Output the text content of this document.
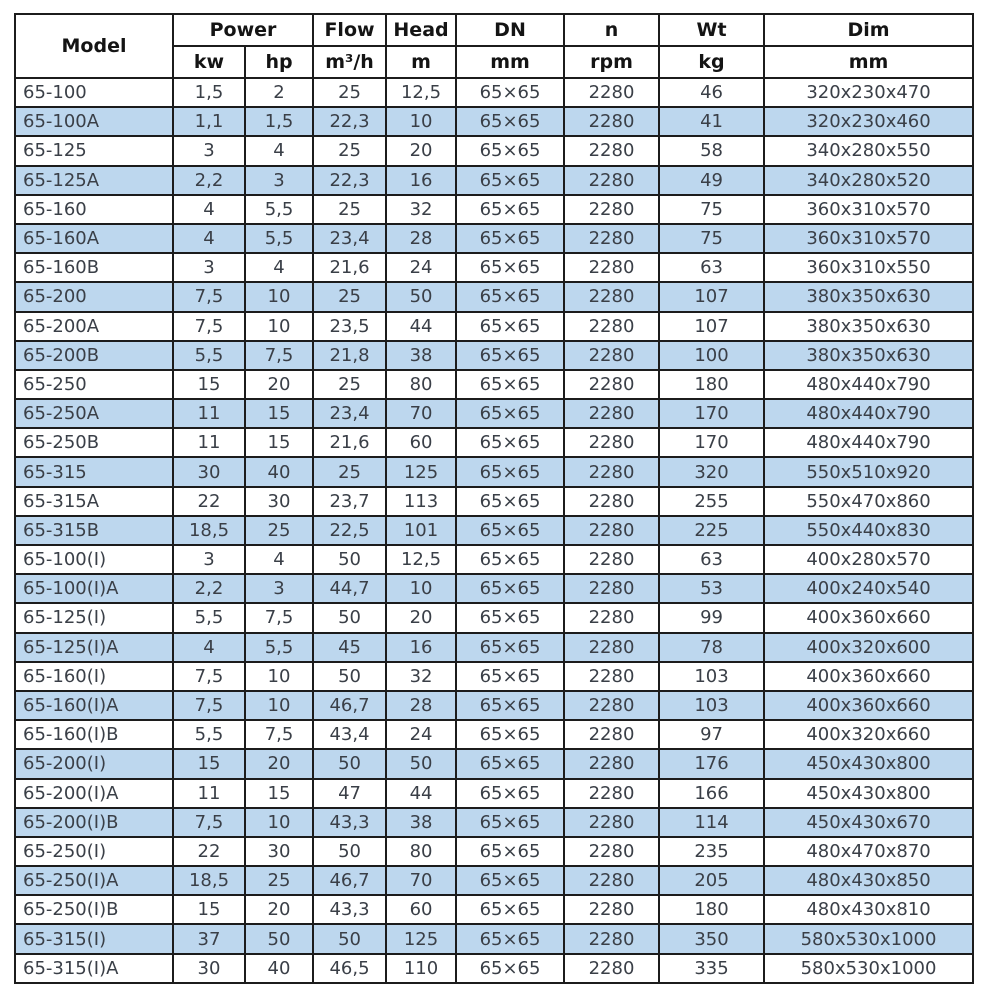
Model	Power		Flow	Head	DN	n	Wt	Dim
	kw	hp	m³/h	m	mm	rpm	kg	mm
65-100	1,5	2	25	12,5	65×65	2280	46	320x230x470
65-100A	1,1	1,5	22,3	10	65×65	2280	41	320x230x460
65-125	3	4	25	20	65×65	2280	58	340x280x550
65-125A	2,2	3	22,3	16	65×65	2280	49	340x280x520
65-160	4	5,5	25	32	65×65	2280	75	360x310x570
65-160A	4	5,5	23,4	28	65×65	2280	75	360x310x570
65-160B	3	4	21,6	24	65×65	2280	63	360x310x550
65-200	7,5	10	25	50	65×65	2280	107	380x350x630
65-200A	7,5	10	23,5	44	65×65	2280	107	380x350x630
65-200B	5,5	7,5	21,8	38	65×65	2280	100	380x350x630
65-250	15	20	25	80	65×65	2280	180	480x440x790
65-250A	11	15	23,4	70	65×65	2280	170	480x440x790
65-250B	11	15	21,6	60	65×65	2280	170	480x440x790
65-315	30	40	25	125	65×65	2280	320	550x510x920
65-315A	22	30	23,7	113	65×65	2280	255	550x470x860
65-315B	18,5	25	22,5	101	65×65	2280	225	550x440x830
65-100(I)	3	4	50	12,5	65×65	2280	63	400x280x570
65-100(I)A	2,2	3	44,7	10	65×65	2280	53	400x240x540
65-125(I)	5,5	7,5	50	20	65×65	2280	99	400x360x660
65-125(I)A	4	5,5	45	16	65×65	2280	78	400x320x600
65-160(I)	7,5	10	50	32	65×65	2280	103	400x360x660
65-160(I)A	7,5	10	46,7	28	65×65	2280	103	400x360x660
65-160(I)B	5,5	7,5	43,4	24	65×65	2280	97	400x320x660
65-200(I)	15	20	50	50	65×65	2280	176	450x430x800
65-200(I)A	11	15	47	44	65×65	2280	166	450x430x800
65-200(I)B	7,5	10	43,3	38	65×65	2280	114	450x430x670
65-250(I)	22	30	50	80	65×65	2280	235	480x470x870
65-250(I)A	18,5	25	46,7	70	65×65	2280	205	480x430x850
65-250(I)B	15	20	43,3	60	65×65	2280	180	480x430x810
65-315(I)	37	50	50	125	65×65	2280	350	580x530x1000
65-315(I)A	30	40	46,5	110	65×65	2280	335	580x530x1000
